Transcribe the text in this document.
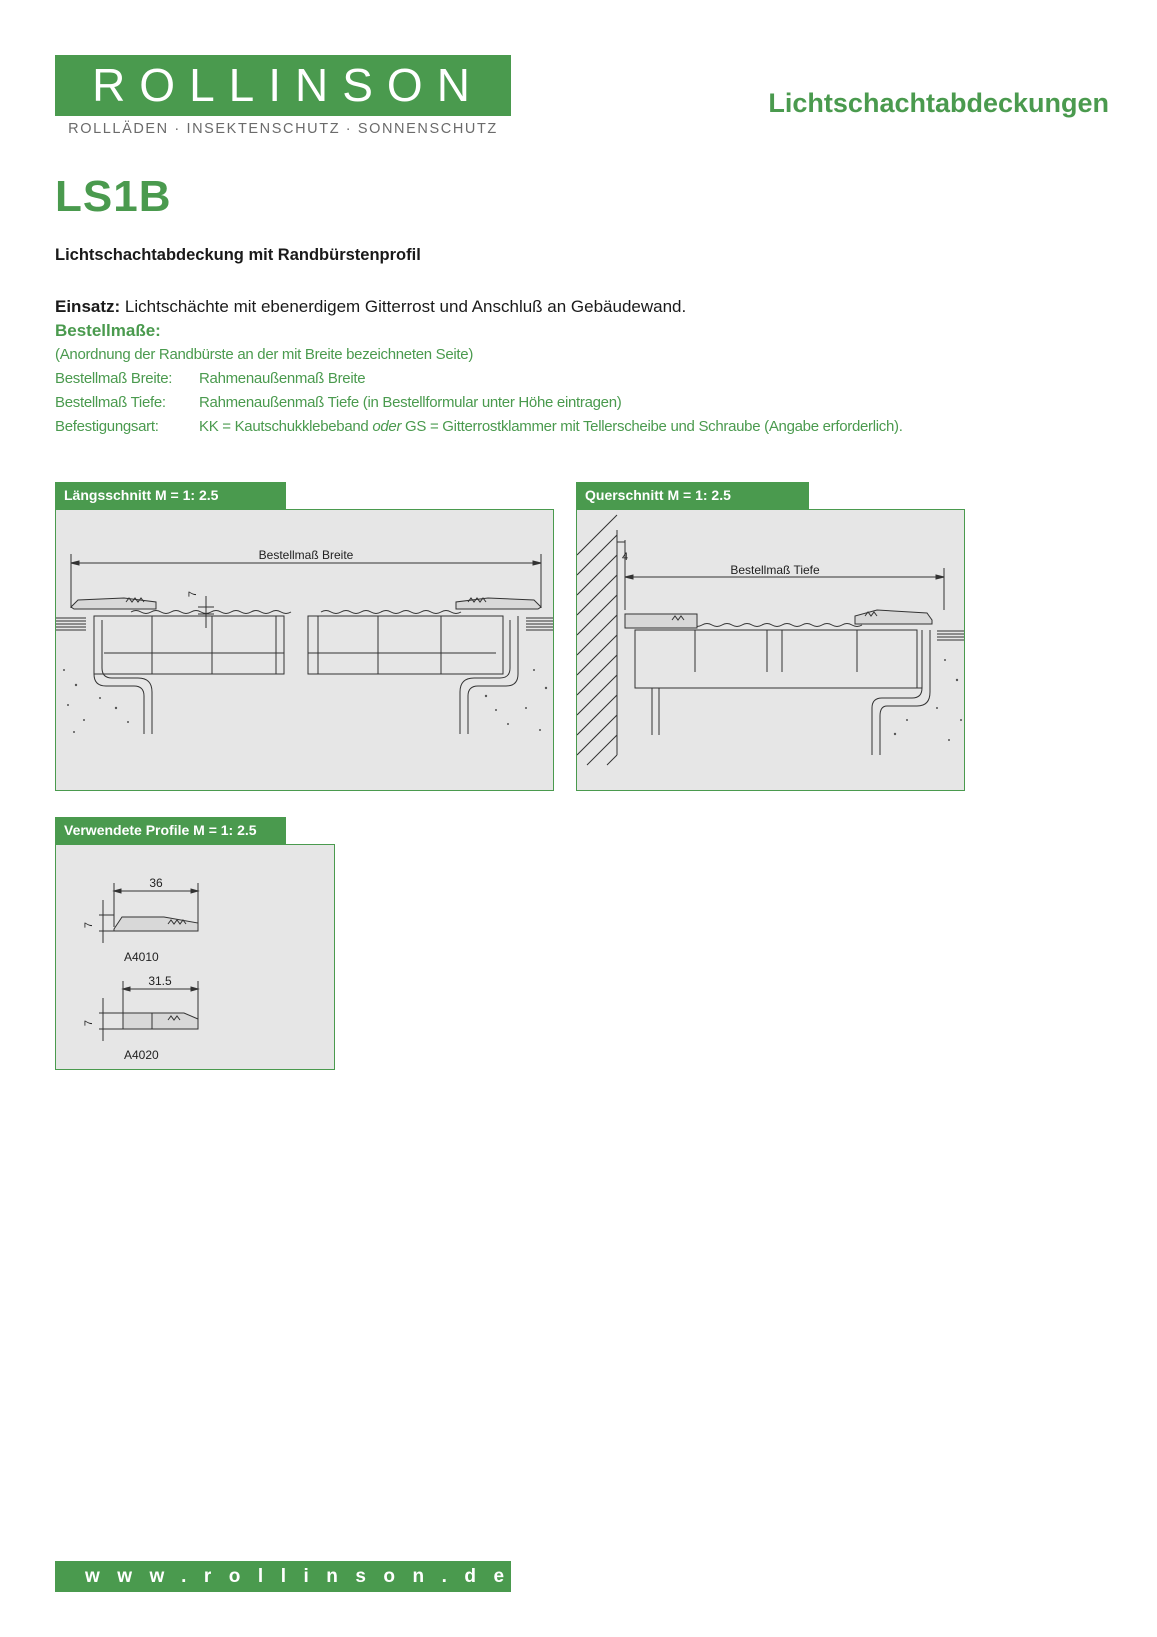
ROLLINSON
ROLLLÄDEN · INSEKTENSCHUTZ · SONNENSCHUTZ
Lichtschachtabdeckungen
LS1B
Lichtschachtabdeckung mit Randbürstenprofil
Einsatz: Lichtschächte mit ebenerdigem Gitterrost und Anschluß an Gebäudewand.
Bestellmaße:
(Anordnung der Randbürste an der mit Breite bezeichneten Seite)
Bestellmaß Breite: Rahmenaußenmaß Breite
Bestellmaß Tiefe: Rahmenaußenmaß Tiefe (in Bestellformular unter Höhe eintragen)
Befestigungsart:	KK = Kautschukklebeband oder GS = Gitterrostklammer mit Tellerscheibe und Schraube (Angabe erforderlich).
Längsschnitt M = 1: 2.5
Bestellmaß Breite
7
Querschnitt M = 1: 2.5
Bestellmaß Tiefe
4
Verwendete Profile M = 1: 2.5
36
7
A4010
31.5
7
A4020
www.rollinson.de
